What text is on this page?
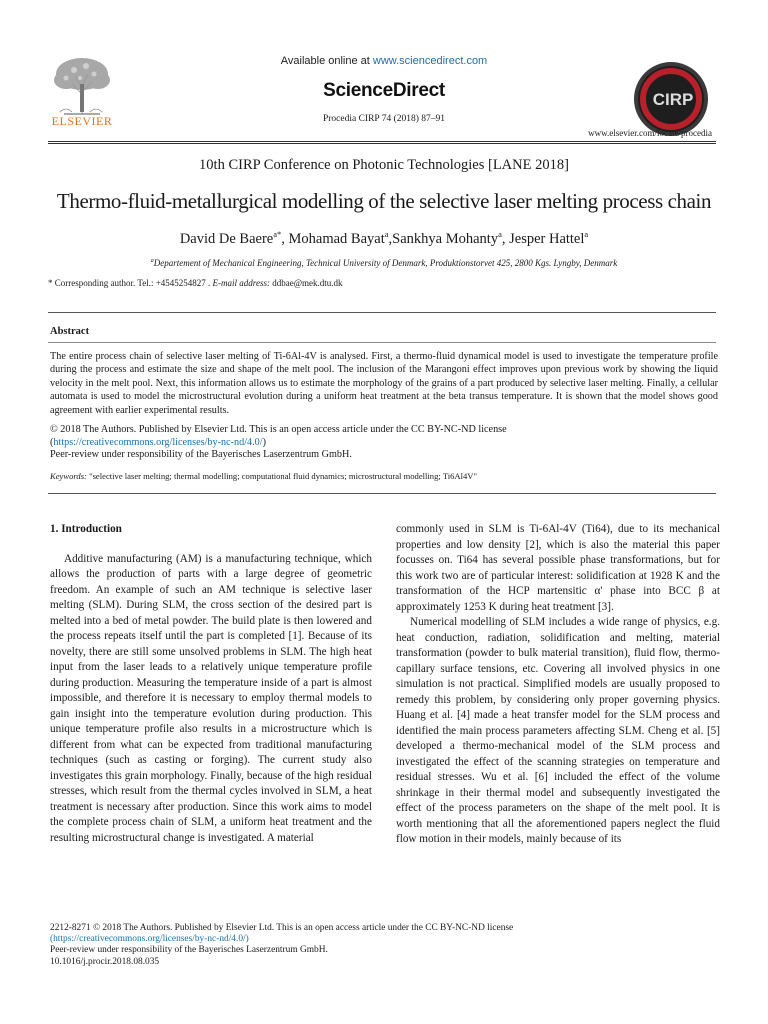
ELSEVIER
Available online at www.sciencedirect.com
ScienceDirect
Procedia CIRP 74 (2018) 87–91
CIRP
www.elsevier.com/locate/procedia
10th CIRP Conference on Photonic Technologies [LANE 2018]
Thermo-fluid-metallurgical modelling of the selective laser melting process chain
David De Baere$^{a*}$, Mohamad Bayat$^a$,Sankhya Mohanty$^a$, Jesper Hattel$^a$
$^a$Departement of Mechanical Engineering, Technical University of Denmark, Produktionstorvet 425, 2800 Kgs. Lyngby, Denmark
* Corresponding author. Tel.: +4545254827 . E-mail address: ddbae@mek.dtu.dk
Abstract
The entire process chain of selective laser melting of Ti-6Al-4V is analysed. First, a thermo-fluid dynamical model is used to investigate the temperature profile during the process and estimate the size and shape of the melt pool. The inclusion of the Marangoni effect improves upon previous work by showing the liquid velocity in the melt pool. Next, this information allows us to estimate the morphology of the grains of a part produced by selective laser melting. Finally, a cellular automata is used to model the microstructural evolution during a uniform heat treatment at the beta transus temperature. It is shown that the model shows good agreement with earlier experimental results.
© 2018 The Authors. Published by Elsevier Ltd. This is an open access article under the CC BY-NC-ND license
(https://creativecommons.org/licenses/by-nc-nd/4.0/)
Peer-review under responsibility of the Bayerisches Laserzentrum GmbH.
Keywords: "selective laser melting; thermal modelling; computational fluid dynamics; microstructural modelling; Ti6Al4V"
1. Introduction

Additive manufacturing (AM) is a manufacturing technique, which allows the production of parts with a large degree of geometric freedom. An example of such an AM technique is selective laser melting (SLM). During SLM, the cross section of the desired part is melted into a bed of metal powder. The build plate is then lowered and the process repeats itself until the part is completed [1]. Because of its novelty, there are still some unsolved problems in SLM. The high heat input from the laser leads to a relatively unique temperature profile during production. Measuring the temperature inside of a part is almost impossible, and therefore it is necessary to employ thermal models to gain insight into the temperature evolution during production. This unique temperature profile also results in a microstructure which is different from what can be expected from traditional manufacturing techniques (such as casting or forging). The current study also investigates this grain morphology. Finally, because of the high residual stresses, which result from the thermal cycles involved in SLM, a heat treatment is necessary after production. Since this work aims to model the complete process chain of SLM, a uniform heat treatment and the resulting microstructural change is investigated. A material

commonly used in SLM is Ti-6Al-4V (Ti64), due to its mechanical properties and low density [2], which is also the material this paper focusses on. Ti64 has several possible phase transformations, but for this work two are of particular interest: solidification at 1928 K and the transformation of the HCP martensitic α' phase into BCC β at approximately 1253 K during heat treatment [3].

Numerical modelling of SLM includes a wide range of physics, e.g. heat conduction, radiation, solidification and melting, material transformation (powder to bulk material transition), fluid flow, thermo-capillary surface tensions, etc. Covering all involved physics in one simulation is not practical. Simplified models are usually proposed to remedy this problem, by considering only proper governing physics. Huang et al. [4] made a heat transfer model for the SLM process and identified the main process parameters affecting SLM. Cheng et al. [5] developed a thermo-mechanical model of the SLM process and investigated the effect of the scanning strategies on temperature and residual stresses. Wu et al. [6] included the effect of the volume shrinkage in their thermal model and subsequently investigated the effect of the process parameters on the shape of the melt pool. It is worth mentioning that all the aforementioned papers neglect the fluid flow motion in their models, mainly because of its

2212-8271 © 2018 The Authors. Published by Elsevier Ltd. This is an open access article under the CC BY-NC-ND license
(https://creativecommons.org/licenses/by-nc-nd/4.0/)
Peer-review under responsibility of the Bayerisches Laserzentrum GmbH.
10.1016/j.procir.2018.08.035
